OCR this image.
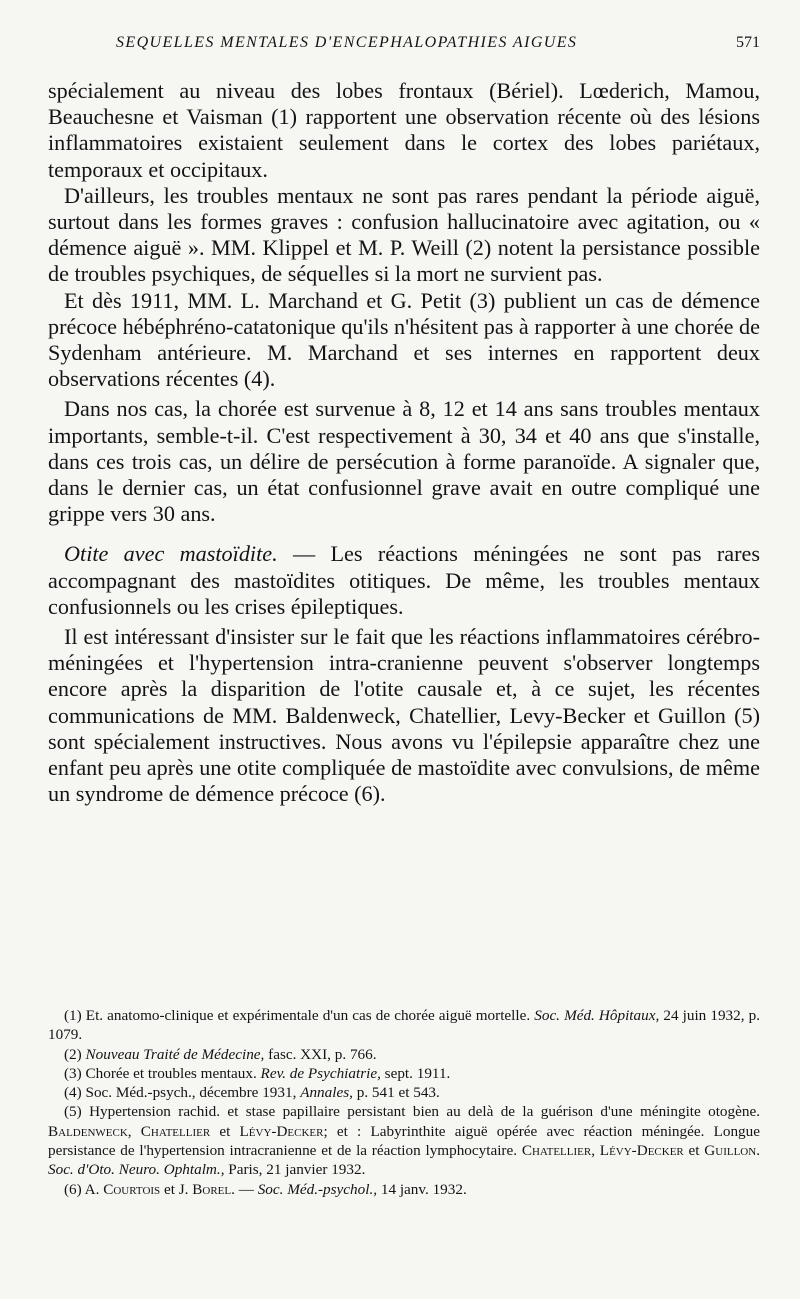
SEQUELLES MENTALES D'ENCEPHALOPATHIES AIGUES	571

spécialement au niveau des lobes frontaux (Bériel). Lœderich, Mamou, Beauchesne et Vaisman (1) rapportent une observation récente où des lésions inflammatoires existaient seulement dans le cortex des lobes pariétaux, temporaux et occipitaux.

D'ailleurs, les troubles mentaux ne sont pas rares pendant la période aiguë, surtout dans les formes graves : confusion hallucinatoire avec agitation, ou « démence aiguë ». MM. Klippel et M. P. Weill (2) notent la persistance possible de troubles psychiques, de séquelles si la mort ne survient pas.

Et dès 1911, MM. L. Marchand et G. Petit (3) publient un cas de démence précoce hébéphréno-catatonique qu'ils n'hésitent pas à rapporter à une chorée de Sydenham antérieure. M. Marchand et ses internes en rapportent deux observations récentes (4).

Dans nos cas, la chorée est survenue à 8, 12 et 14 ans sans troubles mentaux importants, semble-t-il. C'est respectivement à 30, 34 et 40 ans que s'installe, dans ces trois cas, un délire de persécution à forme paranoïde. A signaler que, dans le dernier cas, un état confusionnel grave avait en outre compliqué une grippe vers 30 ans.

Otite avec mastoïdite. — Les réactions méningées ne sont pas rares accompagnant des mastoïdites otitiques. De même, les troubles mentaux confusionnels ou les crises épileptiques.

Il est intéressant d'insister sur le fait que les réactions inflammatoires cérébro-méningées et l'hypertension intra-cranienne peuvent s'observer longtemps encore après la disparition de l'otite causale et, à ce sujet, les récentes communications de MM. Baldenweck, Chatellier, Levy-Becker et Guillon (5) sont spécialement instructives. Nous avons vu l'épilepsie apparaître chez une enfant peu après une otite compliquée de mastoïdite avec convulsions, de même un syndrome de démence précoce (6).

(1) Et. anatomo-clinique et expérimentale d'un cas de chorée aiguë mortelle. Soc. Méd. Hôpitaux, 24 juin 1932, p. 1079.

(2) Nouveau Traité de Médecine, fasc. XXI, p. 766.

(3) Chorée et troubles mentaux. Rev. de Psychiatrie, sept. 1911.

(4) Soc. Méd.-psych., décembre 1931, Annales, p. 541 et 543.

(5) Hypertension rachid. et stase papillaire persistant bien au delà de la guérison d'une méningite otogène. Baldenweck, Chatellier et Lévy-Decker; et : Labyrinthite aiguë opérée avec réaction méningée. Longue persistance de l'hypertension intracranienne et de la réaction lymphocytaire. Chatellier, Lévy-Decker et Guillon. Soc. d'Oto. Neuro. Ophtalm., Paris, 21 janvier 1932.

(6) A. Courtois et J. Borel. — Soc. Méd.-psychol., 14 janv. 1932.
